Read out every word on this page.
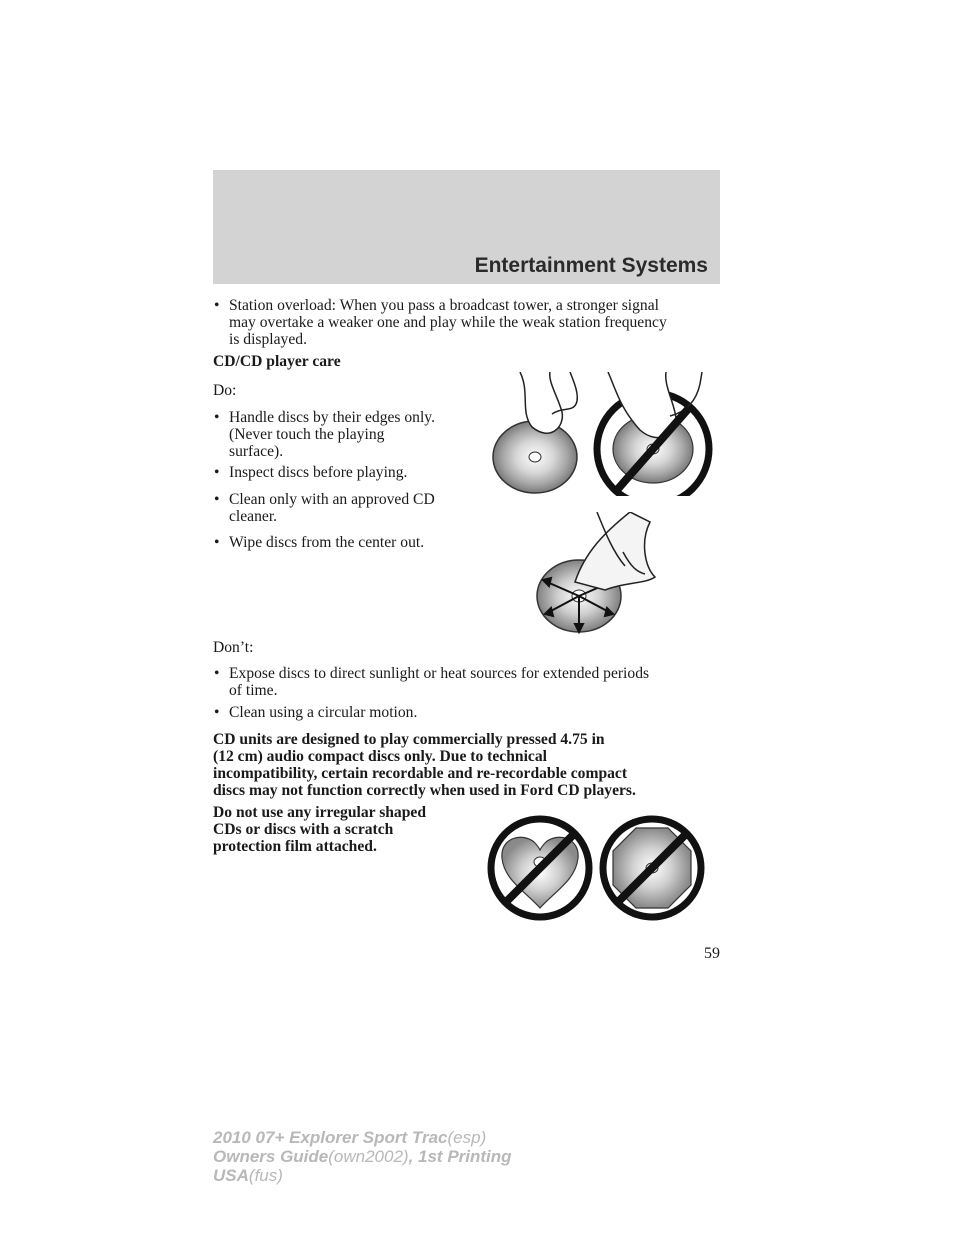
Entertainment Systems
• Station overload: When you pass a broadcast tower, a stronger signal
may overtake a weaker one and play while the weak station frequency
is displayed.
CD/CD player care
Do:
• Handle discs by their edges only.
(Never touch the playing
surface).
• Inspect discs before playing.
• Clean only with an approved CD
cleaner.
• Wipe discs from the center out.
Don’t:
• Expose discs to direct sunlight or heat sources for extended periods
of time.
• Clean using a circular motion.
CD units are designed to play commercially pressed 4.75 in
(12 cm) audio compact discs only. Due to technical
incompatibility, certain recordable and re-recordable compact
discs may not function correctly when used in Ford CD players.
Do not use any irregular shaped
CDs or discs with a scratch
protection film attached.
59
2010 07+ Explorer Sport Trac(esp)
Owners Guide(own2002), 1st Printing
USA(fus)
